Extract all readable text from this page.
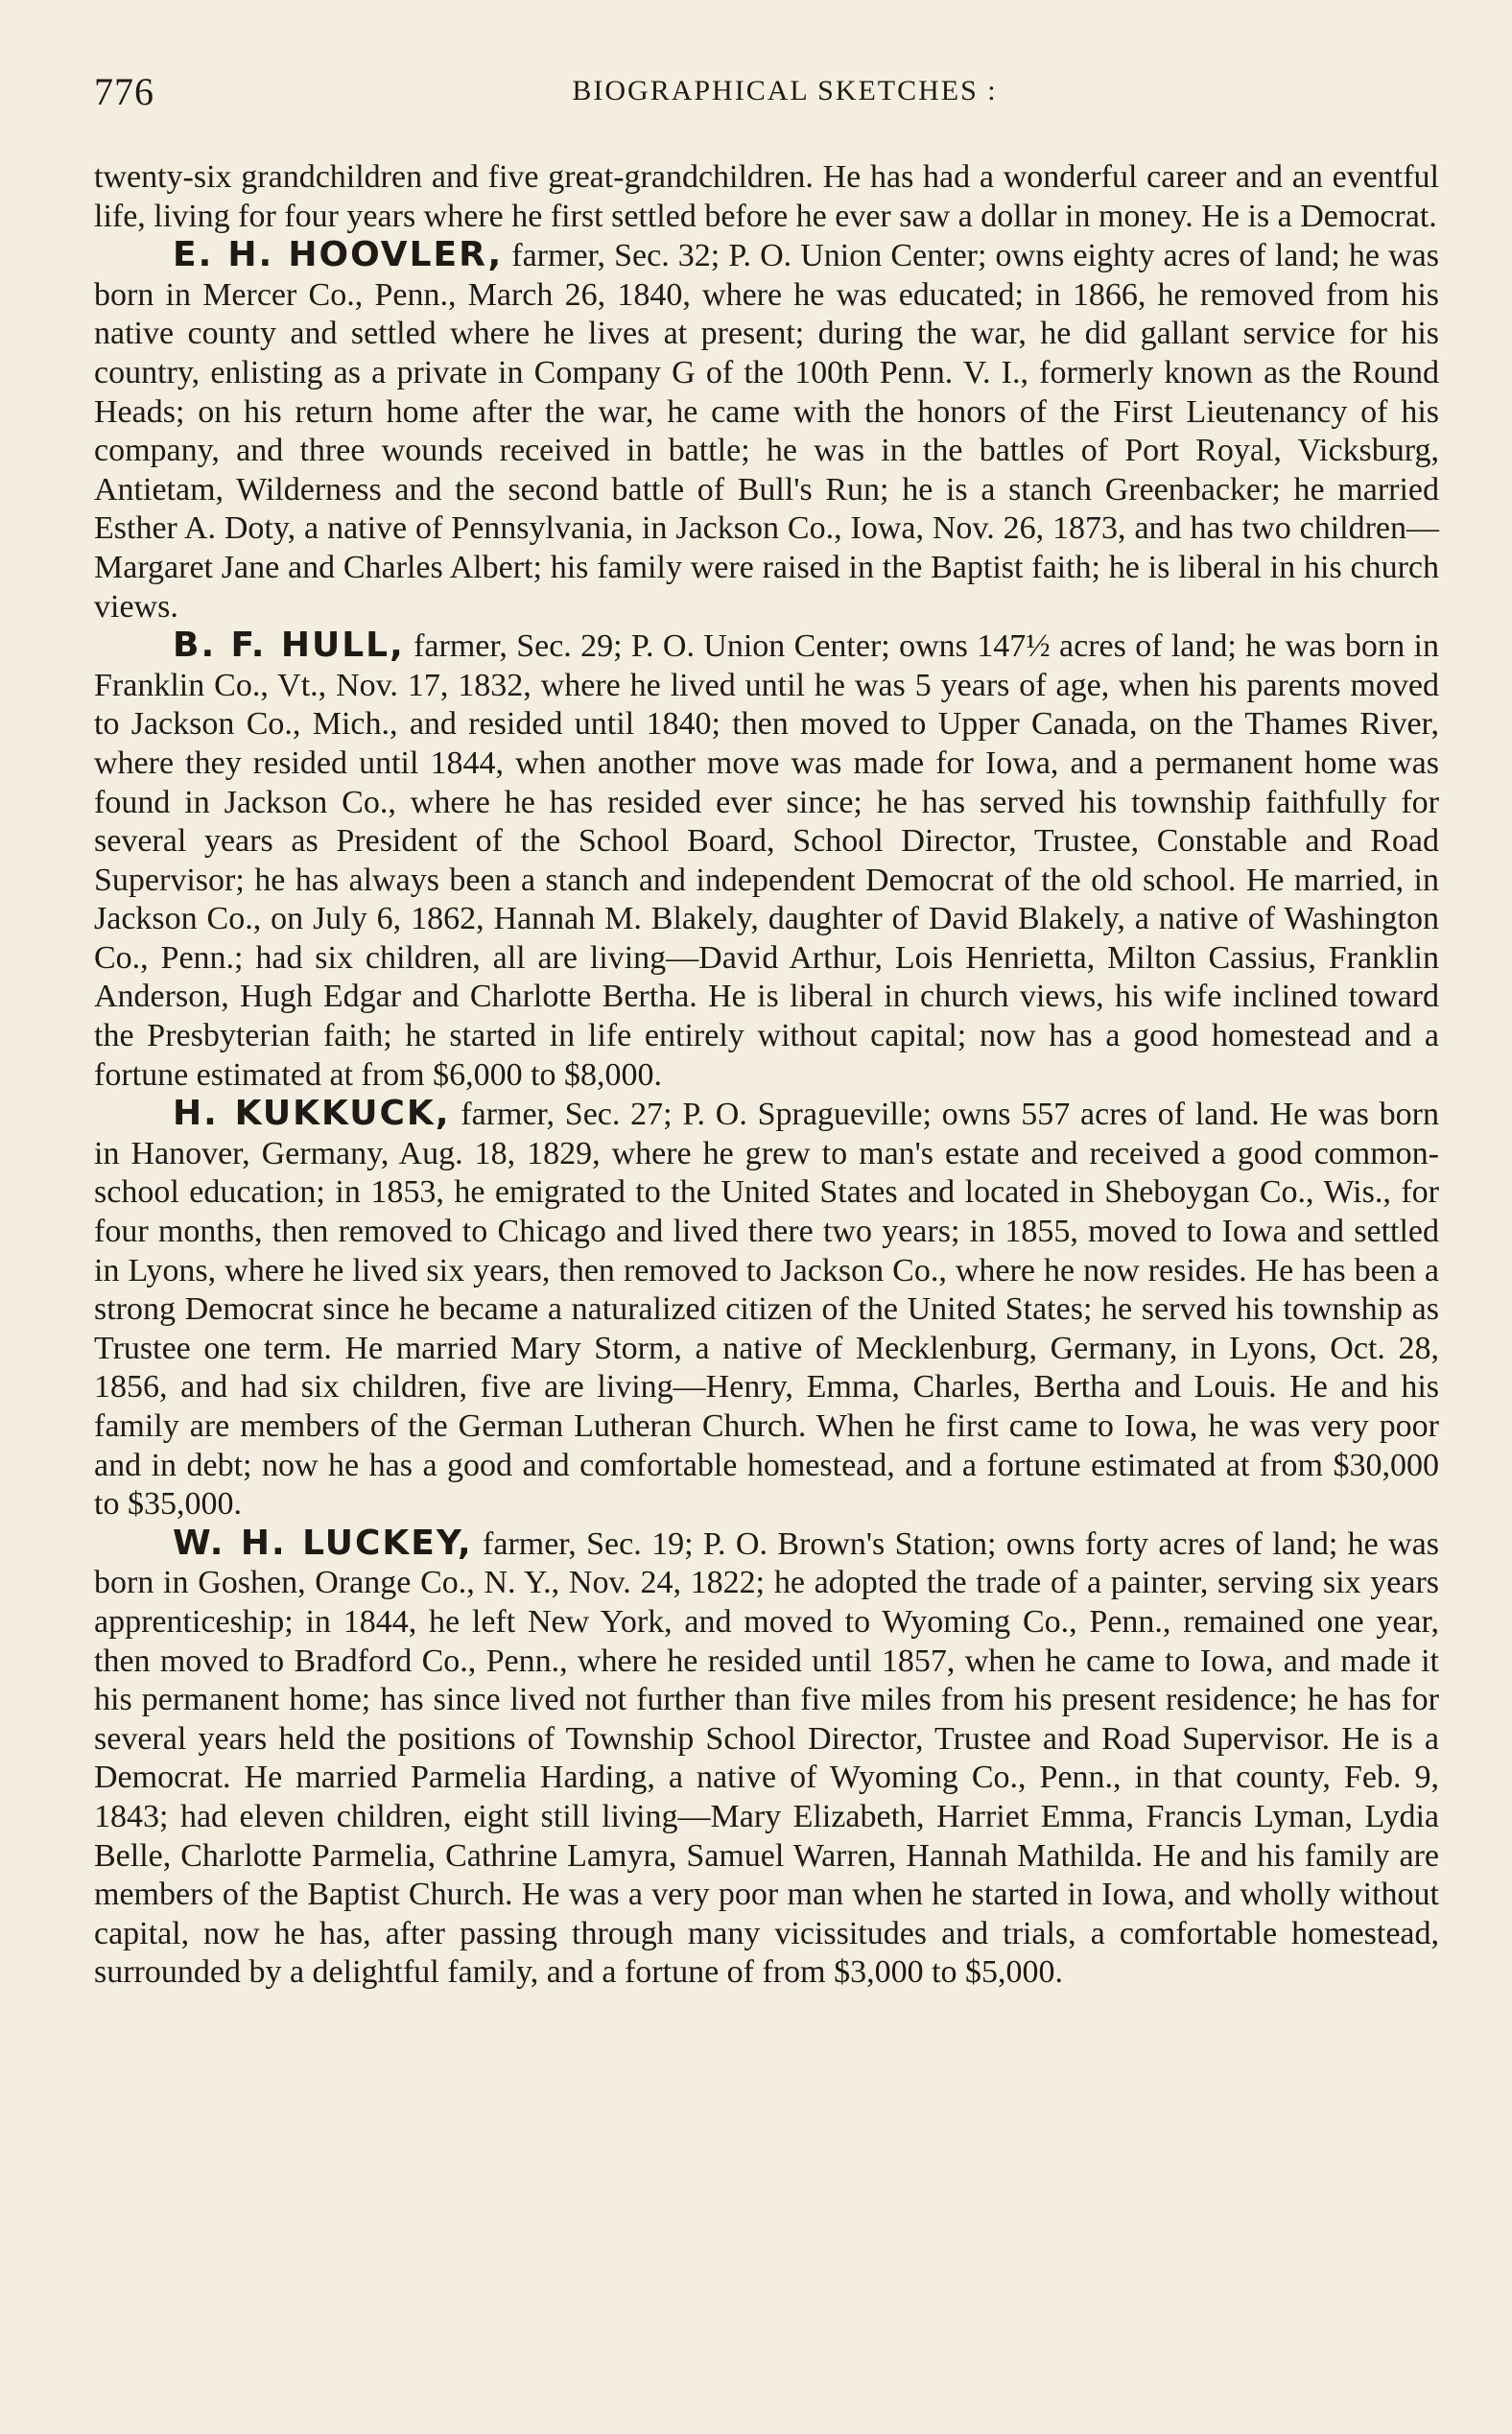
776	BIOGRAPHICAL SKETCHES :

twenty-six grandchildren and five great-grandchildren. He has had a wonderful career and an eventful life, living for four years where he first settled before he ever saw a dollar in money. He is a Democrat.

E. H. HOOVLER, farmer, Sec. 32; P. O. Union Center; owns eighty acres of land; he was born in Mercer Co., Penn., March 26, 1840, where he was educated; in 1866, he removed from his native county and settled where he lives at present; during the war, he did gallant service for his country, enlisting as a private in Company G of the 100th Penn. V. I., formerly known as the Round Heads; on his return home after the war, he came with the honors of the First Lieutenancy of his company, and three wounds received in battle; he was in the battles of Port Royal, Vicksburg, Antietam, Wilderness and the second battle of Bull's Run; he is a stanch Greenbacker; he married Esther A. Doty, a native of Pennsylvania, in Jackson Co., Iowa, Nov. 26, 1873, and has two children—Margaret Jane and Charles Albert; his family were raised in the Baptist faith; he is liberal in his church views.

B. F. HULL, farmer, Sec. 29; P. O. Union Center; owns 147½ acres of land; he was born in Franklin Co., Vt., Nov. 17, 1832, where he lived until he was 5 years of age, when his parents moved to Jackson Co., Mich., and resided until 1840; then moved to Upper Canada, on the Thames River, where they resided until 1844, when another move was made for Iowa, and a permanent home was found in Jackson Co., where he has resided ever since; he has served his township faithfully for several years as President of the School Board, School Director, Trustee, Constable and Road Supervisor; he has always been a stanch and independent Democrat of the old school. He married, in Jackson Co., on July 6, 1862, Hannah M. Blakely, daughter of David Blakely, a native of Washington Co., Penn.; had six children, all are living—David Arthur, Lois Henrietta, Milton Cassius, Franklin Anderson, Hugh Edgar and Charlotte Bertha. He is liberal in church views, his wife inclined toward the Presbyterian faith; he started in life entirely without capital; now has a good homestead and a fortune estimated at from $6,000 to $8,000.

H. KUKKUCK, farmer, Sec. 27; P. O. Spragueville; owns 557 acres of land. He was born in Hanover, Germany, Aug. 18, 1829, where he grew to man's estate and received a good common-school education; in 1853, he emigrated to the United States and located in Sheboygan Co., Wis., for four months, then removed to Chicago and lived there two years; in 1855, moved to Iowa and settled in Lyons, where he lived six years, then removed to Jackson Co., where he now resides. He has been a strong Democrat since he became a naturalized citizen of the United States; he served his township as Trustee one term. He married Mary Storm, a native of Mecklenburg, Germany, in Lyons, Oct. 28, 1856, and had six children, five are living—Henry, Emma, Charles, Bertha and Louis. He and his family are members of the German Lutheran Church. When he first came to Iowa, he was very poor and in debt; now he has a good and comfortable homestead, and a fortune estimated at from $30,000 to $35,000.

W. H. LUCKEY, farmer, Sec. 19; P. O. Brown's Station; owns forty acres of land; he was born in Goshen, Orange Co., N. Y., Nov. 24, 1822; he adopted the trade of a painter, serving six years apprenticeship; in 1844, he left New York, and moved to Wyoming Co., Penn., remained one year, then moved to Bradford Co., Penn., where he resided until 1857, when he came to Iowa, and made it his permanent home; has since lived not further than five miles from his present residence; he has for several years held the positions of Township School Director, Trustee and Road Supervisor. He is a Democrat. He married Parmelia Harding, a native of Wyoming Co., Penn., in that county, Feb. 9, 1843; had eleven children, eight still living—Mary Elizabeth, Harriet Emma, Francis Lyman, Lydia Belle, Charlotte Parmelia, Cathrine Lamyra, Samuel Warren, Hannah Mathilda. He and his family are members of the Baptist Church. He was a very poor man when he started in Iowa, and wholly without capital, now he has, after passing through many vicissitudes and trials, a comfortable homestead, surrounded by a delightful family, and a fortune of from $3,000 to $5,000.
